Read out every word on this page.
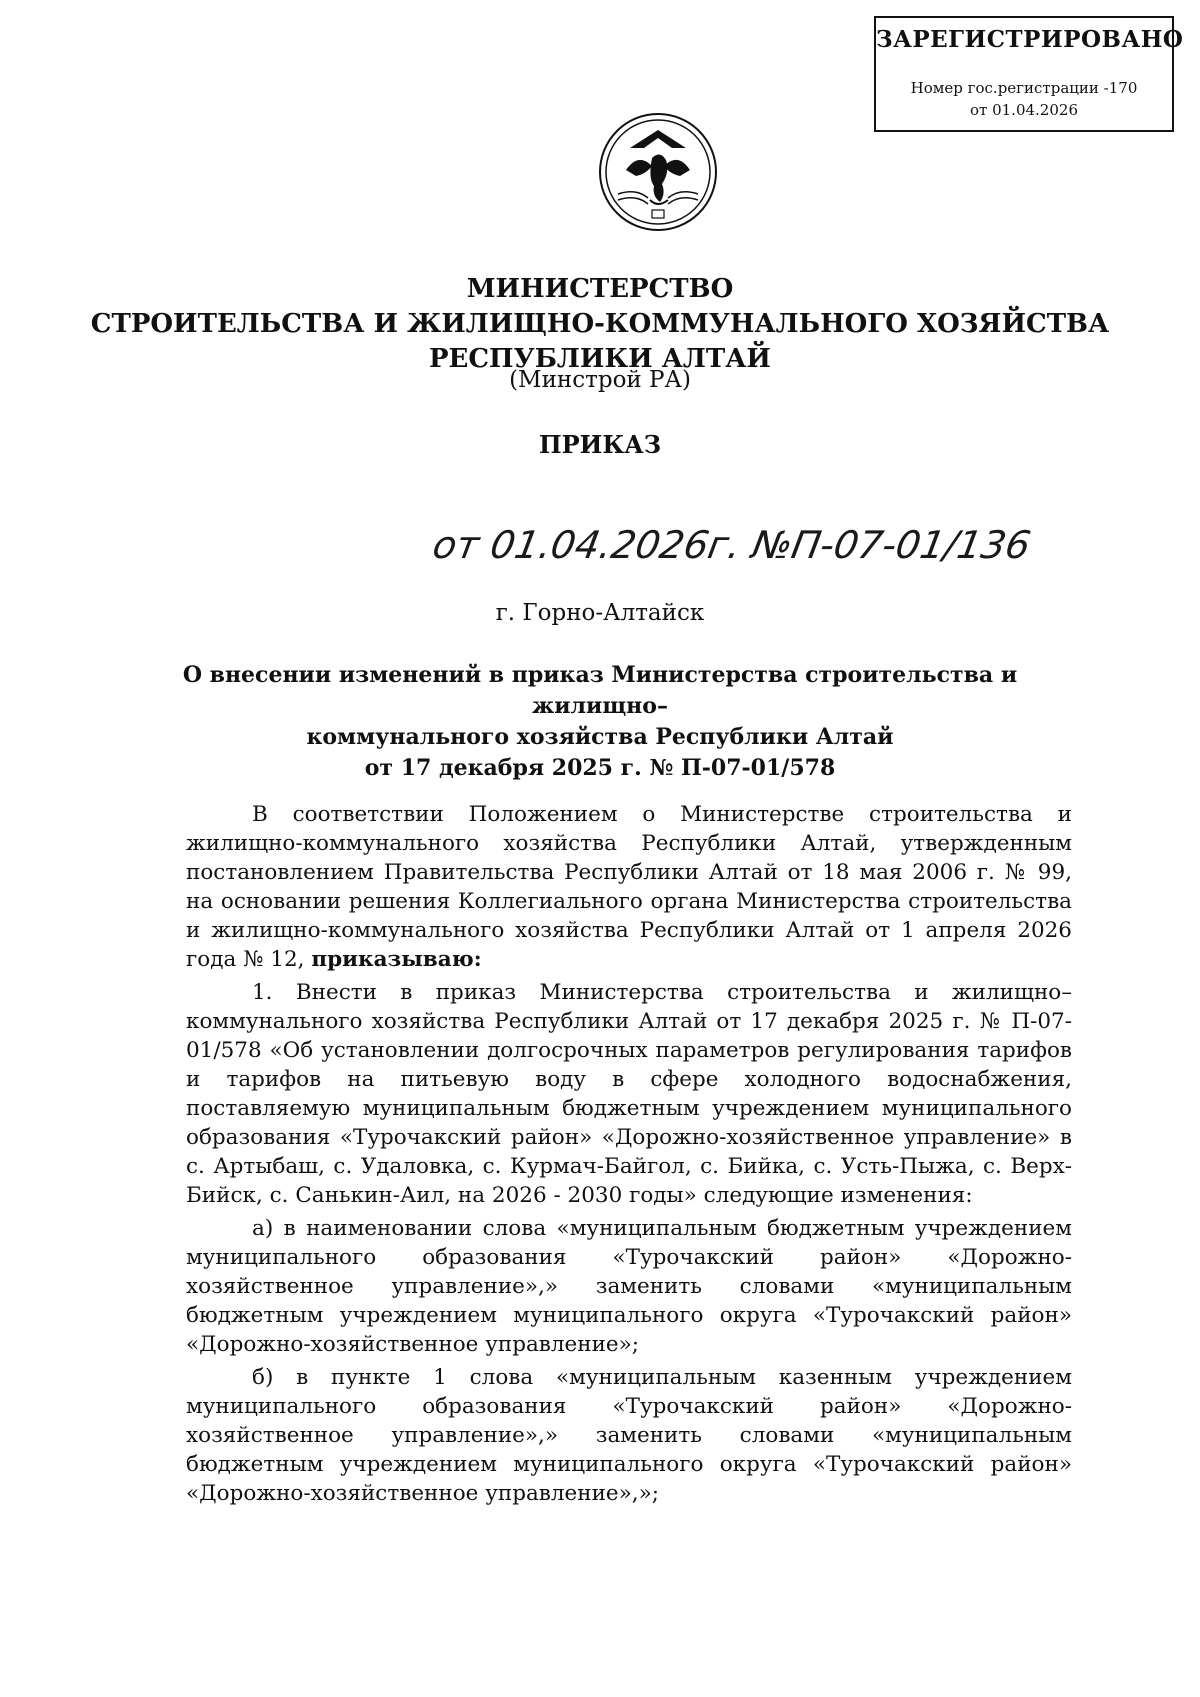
ЗАРЕГИСТРИРОВАНО
Номер гос.регистрации -170
от 01.04.2026
МИНИСТЕРСТВО
СТРОИТЕЛЬСТВА И ЖИЛИЩНО-КОММУНАЛЬНОГО ХОЗЯЙСТВА
РЕСПУБЛИКИ АЛТАЙ
(Минстрой РА)
ПРИКАЗ
от 01.04.2026г. №П-07-01/136
г. Горно-Алтайск
О внесении изменений в приказ Министерства строительства и жилищно–
коммунального хозяйства Республики Алтай
от 17 декабря 2025 г. № П-07-01/578

В соответствии Положением о Министерстве строительства и жилищно-коммунального хозяйства Республики Алтай, утвержденным постановлением Правительства Республики Алтай от 18 мая 2006 г. № 99, на основании решения Коллегиального органа Министерства строительства и жилищно-коммунального хозяйства Республики Алтай от 1 апреля 2026 года № 12, приказываю:

1. Внести в приказ Министерства строительства и жилищно–коммунального хозяйства Республики Алтай от 17 декабря 2025 г. № П-07-01/578 «Об установлении долгосрочных параметров регулирования тарифов и тарифов на питьевую воду в сфере холодного водоснабжения, поставляемую муниципальным бюджетным учреждением муниципального образования «Турочакский район» «Дорожно-хозяйственное управление» в с. Артыбаш, с. Удаловка, с. Курмач-Байгол, с. Бийка, с. Усть-Пыжа, с. Верх-Бийск, с. Санькин-Аил, на 2026 - 2030 годы» следующие изменения:

а) в наименовании слова «муниципальным бюджетным учреждением муниципального образования «Турочакский район» «Дорожно-хозяйственное управление»,» заменить словами «муниципальным бюджетным учреждением муниципального округа «Турочакский район» «Дорожно-хозяйственное управление»;

б) в пункте 1 слова «муниципальным казенным учреждением муниципального образования «Турочакский район» «Дорожно-хозяйственное управление»,» заменить словами «муниципальным бюджетным учреждением муниципального округа «Турочакский район» «Дорожно-хозяйственное управление»,»;
